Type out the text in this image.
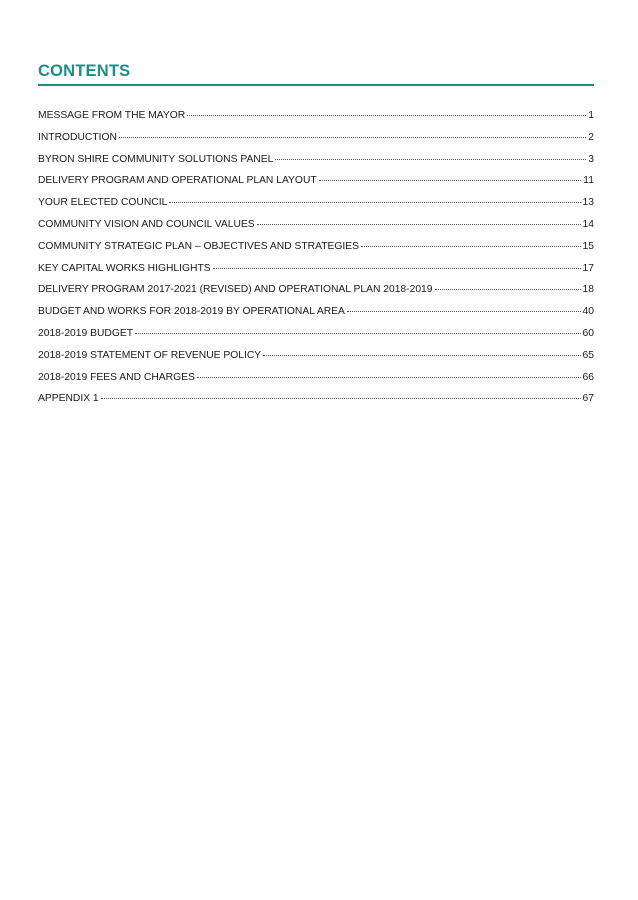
CONTENTS
MESSAGE FROM THE MAYOR	1
INTRODUCTION	2
BYRON SHIRE COMMUNITY SOLUTIONS PANEL	3
DELIVERY PROGRAM AND OPERATIONAL PLAN LAYOUT	11
YOUR ELECTED COUNCIL	13
COMMUNITY VISION AND COUNCIL VALUES	14
COMMUNITY STRATEGIC PLAN – OBJECTIVES AND STRATEGIES	15
KEY CAPITAL WORKS HIGHLIGHTS	17
DELIVERY PROGRAM 2017-2021 (REVISED) AND OPERATIONAL PLAN 2018-2019	18
BUDGET AND WORKS FOR 2018-2019 BY OPERATIONAL AREA	40
2018-2019 BUDGET	60
2018-2019 STATEMENT OF REVENUE POLICY	65
2018-2019 FEES AND CHARGES	66
APPENDIX 1	67
